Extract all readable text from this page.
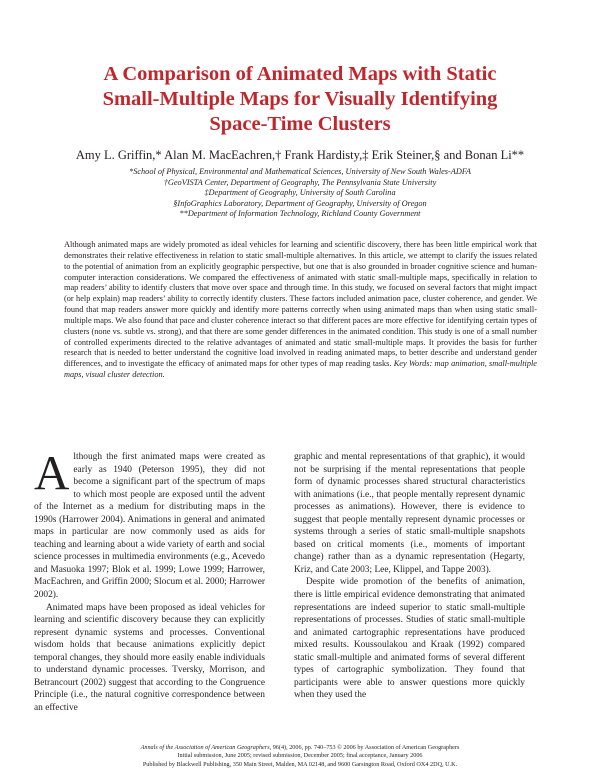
A Comparison of Animated Maps with Static
Small-Multiple Maps for Visually Identifying
Space-Time Clusters
Amy L. Griffin,* Alan M. MacEachren,† Frank Hardisty,‡ Erik Steiner,§ and Bonan Li**
*School of Physical, Environmental and Mathematical Sciences, University of New South Wales-ADFA
†GeoVISTA Center, Department of Geography, The Pennsylvania State University
‡Department of Geography, University of South Carolina
§InfoGraphics Laboratory, Department of Geography, University of Oregon
**Department of Information Technology, Richland County Government
Although animated maps are widely promoted as ideal vehicles for learning and scientific discovery, there has been little empirical work that demonstrates their relative effectiveness in relation to static small-multiple alternatives. In this article, we attempt to clarify the issues related to the potential of animation from an explicitly geographic perspective, but one that is also grounded in broader cognitive science and human-computer interaction considerations. We compared the effectiveness of animated with static small-multiple maps, specifically in relation to map readers’ ability to identify clusters that move over space and through time. In this study, we focused on several factors that might impact (or help explain) map readers’ ability to correctly identify clusters. These factors included animation pace, cluster coherence, and gender. We found that map readers answer more quickly and identify more patterns correctly when using animated maps than when using static small-multiple maps. We also found that pace and cluster coherence interact so that different paces are more effective for identifying certain types of clusters (none vs. subtle vs. strong), and that there are some gender differences in the animated condition. This study is one of a small number of controlled experiments directed to the relative advantages of animated and static small-multiple maps. It provides the basis for further research that is needed to better understand the cognitive load involved in reading animated maps, to better describe and understand gender differences, and to investigate the efficacy of animated maps for other types of map reading tasks. Key Words: map animation, small-multiple maps, visual cluster detection.

Although the first animated maps were created as early as 1940 (Peterson 1995), they did not become a significant part of the spectrum of maps to which most people are exposed until the advent of the Internet as a medium for distributing maps in the 1990s (Harrower 2004). Animations in general and animated maps in particular are now commonly used as aids for teaching and learning about a wide variety of earth and social science processes in multimedia environments (e.g., Acevedo and Masuoka 1997; Blok et al. 1999; Lowe 1999; Harrower, MacEachren, and Griffin 2000; Slocum et al. 2000; Harrower 2002).

Animated maps have been proposed as ideal vehicles for learning and scientific discovery because they can explicitly represent dynamic systems and processes. Conventional wisdom holds that because animations explicitly depict temporal changes, they should more easily enable individuals to understand dynamic processes. Tversky, Morrison, and Betrancourt (2002) suggest that according to the Congruence Principle (i.e., the natural cognitive correspondence between an effective

graphic and mental representations of that graphic), it would not be surprising if the mental representations that people form of dynamic processes shared structural characteristics with animations (i.e., that people mentally represent dynamic processes as animations). However, there is evidence to suggest that people mentally represent dynamic processes or systems through a series of static small-multiple snapshots based on critical moments (i.e., moments of important change) rather than as a dynamic representation (Hegarty, Kriz, and Cate 2003; Lee, Klippel, and Tappe 2003).

Despite wide promotion of the benefits of animation, there is little empirical evidence demonstrating that animated representations are indeed superior to static small-multiple representations of processes. Studies of static small-multiple and animated cartographic representations have produced mixed results. Koussoulakou and Kraak (1992) compared static small-multiple and animated forms of several different types of cartographic symbolization. They found that participants were able to answer questions more quickly when they used the

Annals of the Association of American Geographers, 96(4), 2006, pp. 740–753 © 2006 by Association of American Geographers
Initial submission, June 2005; revised submission, December 2005; final acceptance, January 2006
Published by Blackwell Publishing, 350 Main Street, Malden, MA 02148, and 9600 Garsington Road, Oxford OX4 2DQ, U.K.
